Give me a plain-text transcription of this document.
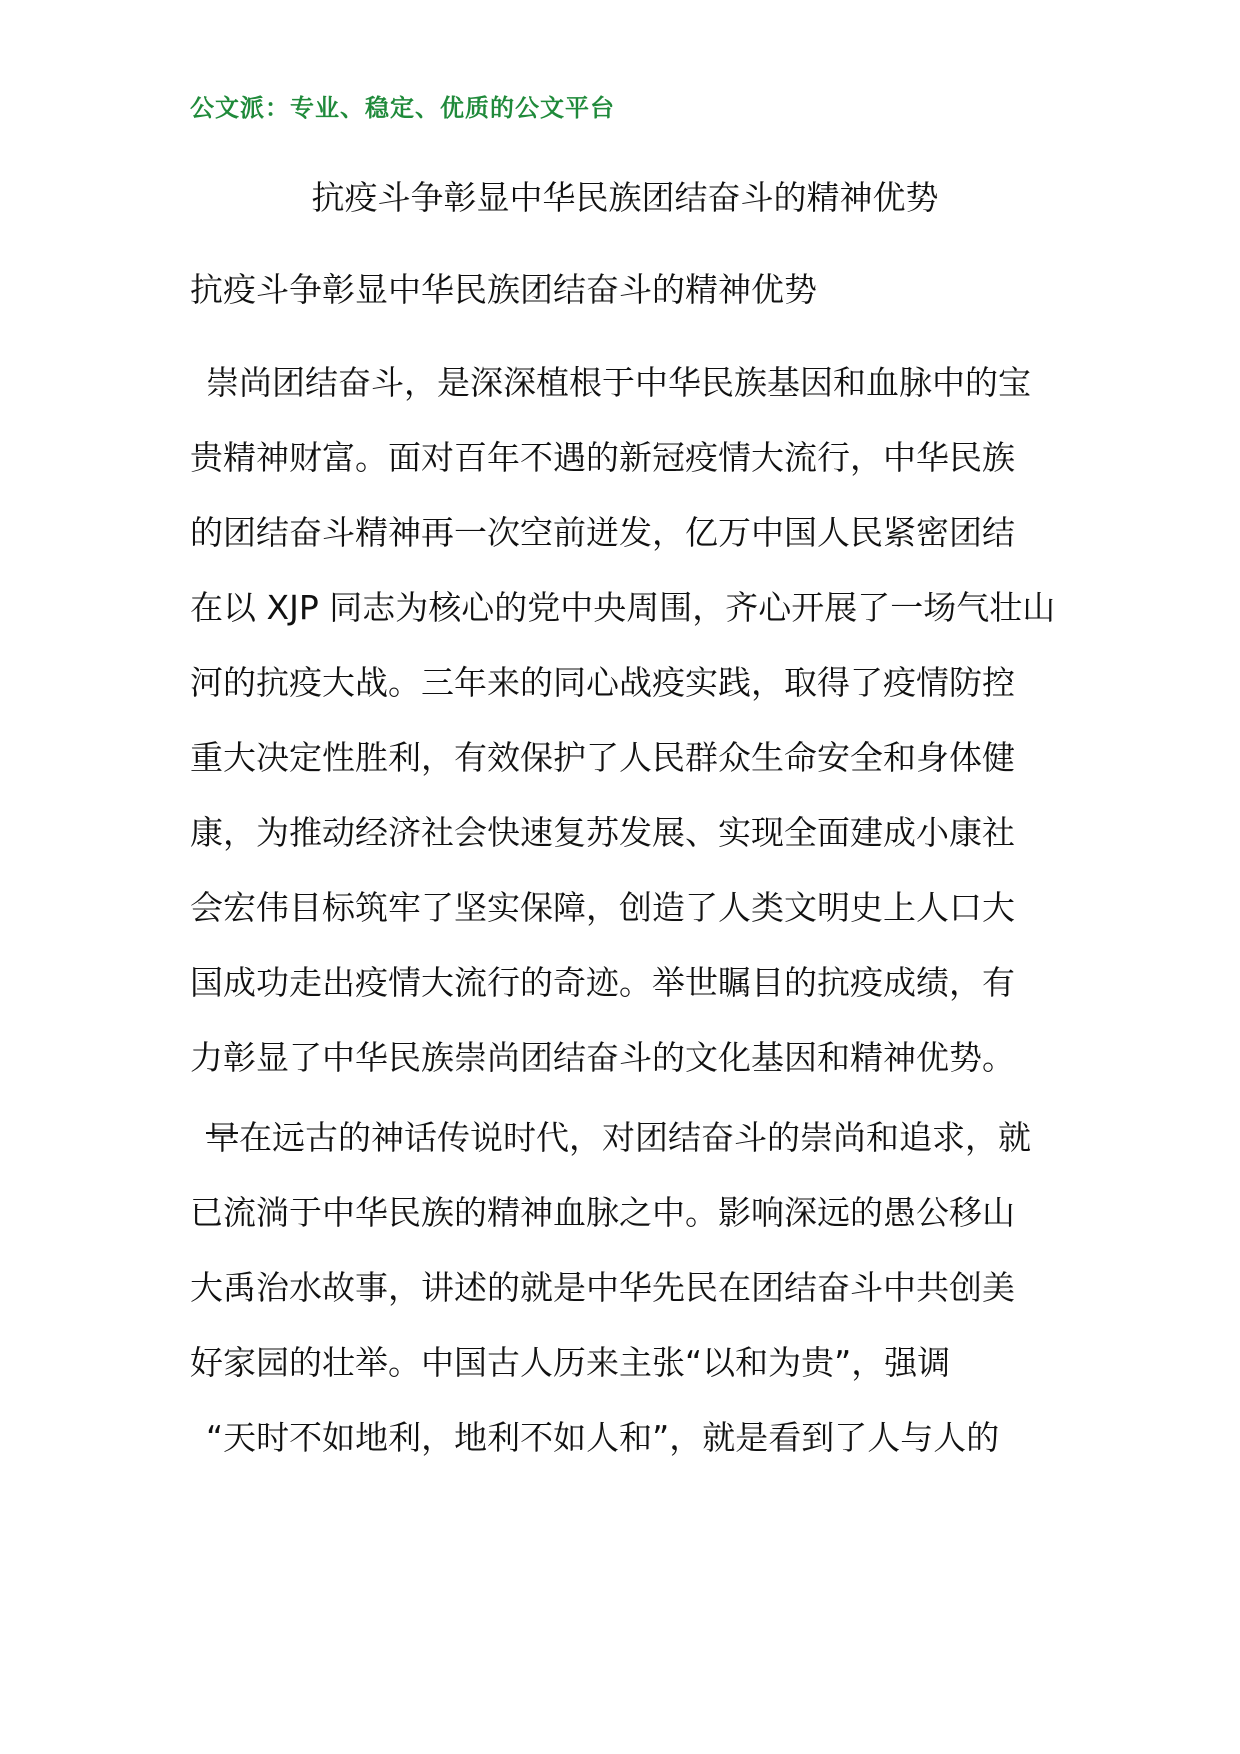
公文派：专业、稳定、优质的公文平台
抗疫斗争彰显中华民族团结奋斗的精神优势
抗疫斗争彰显中华民族团结奋斗的精神优势
崇尚团结奋斗，是深深植根于中华民族基因和血脉中的宝
贵精神财富。面对百年不遇的新冠疫情大流行，中华民族
的团结奋斗精神再一次空前迸发，亿万中国人民紧密团结
在以 XJP 同志为核心的党中央周围，齐心开展了一场气壮山
河的抗疫大战。三年来的同心战疫实践，取得了疫情防控
重大决定性胜利，有效保护了人民群众生命安全和身体健
康，为推动经济社会快速复苏发展、实现全面建成小康社
会宏伟目标筑牢了坚实保障，创造了人类文明史上人口大
国成功走出疫情大流行的奇迹。举世瞩目的抗疫成绩，有
力彰显了中华民族崇尚团结奋斗的文化基因和精神优势。
早在远古的神话传说时代，对团结奋斗的崇尚和追求，就
已流淌于中华民族的精神血脉之中。影响深远的愚公移山
大禹治水故事，讲述的就是中华先民在团结奋斗中共创美
好家园的壮举。中国古人历来主张“以和为贵”，强调
“天时不如地利，地利不如人和”，就是看到了人与人的
